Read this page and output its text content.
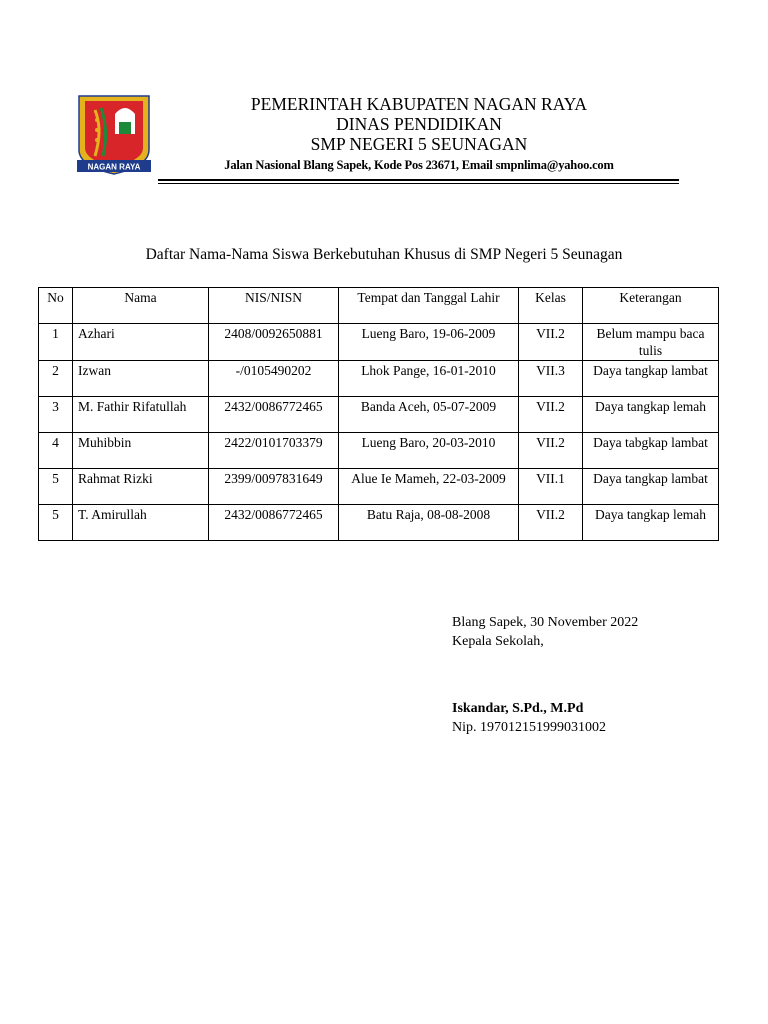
NAGAN RAYA
PEMERINTAH KABUPATEN NAGAN RAYA
DINAS PENDIDIKAN
SMP NEGERI 5 SEUNAGAN
Jalan Nasional Blang Sapek, Kode Pos 23671, Email smpnlima@yahoo.com
Daftar Nama-Nama Siswa Berkebutuhan Khusus di SMP Negeri 5 Seunagan
No	Nama	NIS/NISN	Tempat dan Tanggal Lahir	Kelas	Keterangan
1	Azhari	2408/0092650881	Lueng Baro, 19-06-2009	VII.2	Belum mampu baca tulis
2	Izwan	-/0105490202	Lhok Pange, 16-01-2010	VII.3	Daya tangkap lambat
3	M. Fathir Rifatullah	2432/0086772465	Banda Aceh, 05-07-2009	VII.2	Daya tangkap lemah
4	Muhibbin	2422/0101703379	Lueng Baro, 20-03-2010	VII.2	Daya tabgkap lambat
5	Rahmat Rizki	2399/0097831649	Alue Ie Mameh, 22-03-2009	VII.1	Daya tangkap lambat
5	T. Amirullah	2432/0086772465	Batu Raja, 08-08-2008	VII.2	Daya tangkap lemah
Blang Sapek, 30 November 2022
Kepala Sekolah,
Iskandar, S.Pd., M.Pd
Nip. 197012151999031002
